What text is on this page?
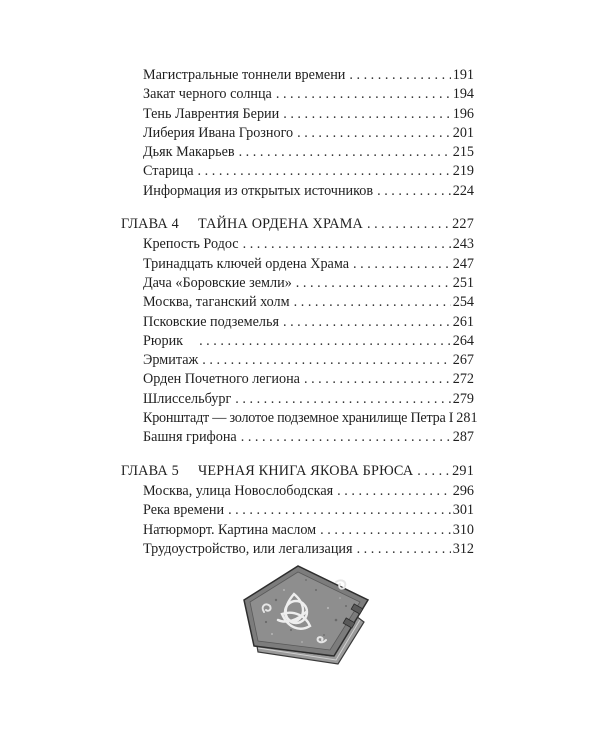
Магистральные тоннели времени . . .	191
Закат черного солнца . . .	194
Тень Лаврентия Берии . . .	196
Либерия Ивана Грозного . . .	201
Дьяк Макарьев . . .	215
Старица . . .	219
Информация из открытых источников . . .	224
ГЛАВА 4	ТАЙНА ОРДЕНА ХРАМА . . .	227
Крепость Родос . . .	243
Тринадцать ключей ордена Храма . . .	247
Дача «Боровские земли» . . .	251
Москва, таганский холм . . .	254
Псковские подземелья . . .	261
Рюрик . . .	264
Эрмитаж . . .	267
Орден Почетного легиона . . .	272
Шлиссельбург . . .	279
Кронштадт — золотое подземное хранилище Петра I 281
Башня грифона . . .	287
ГЛАВА 5	ЧЕРНАЯ КНИГА ЯКОВА БРЮСА . . .	291
Москва, улица Новослободская . . .	296
Река времени . . .	301
Натюрморт. Картина маслом . . .	310
Трудоустройство, или легализация . . .	312
